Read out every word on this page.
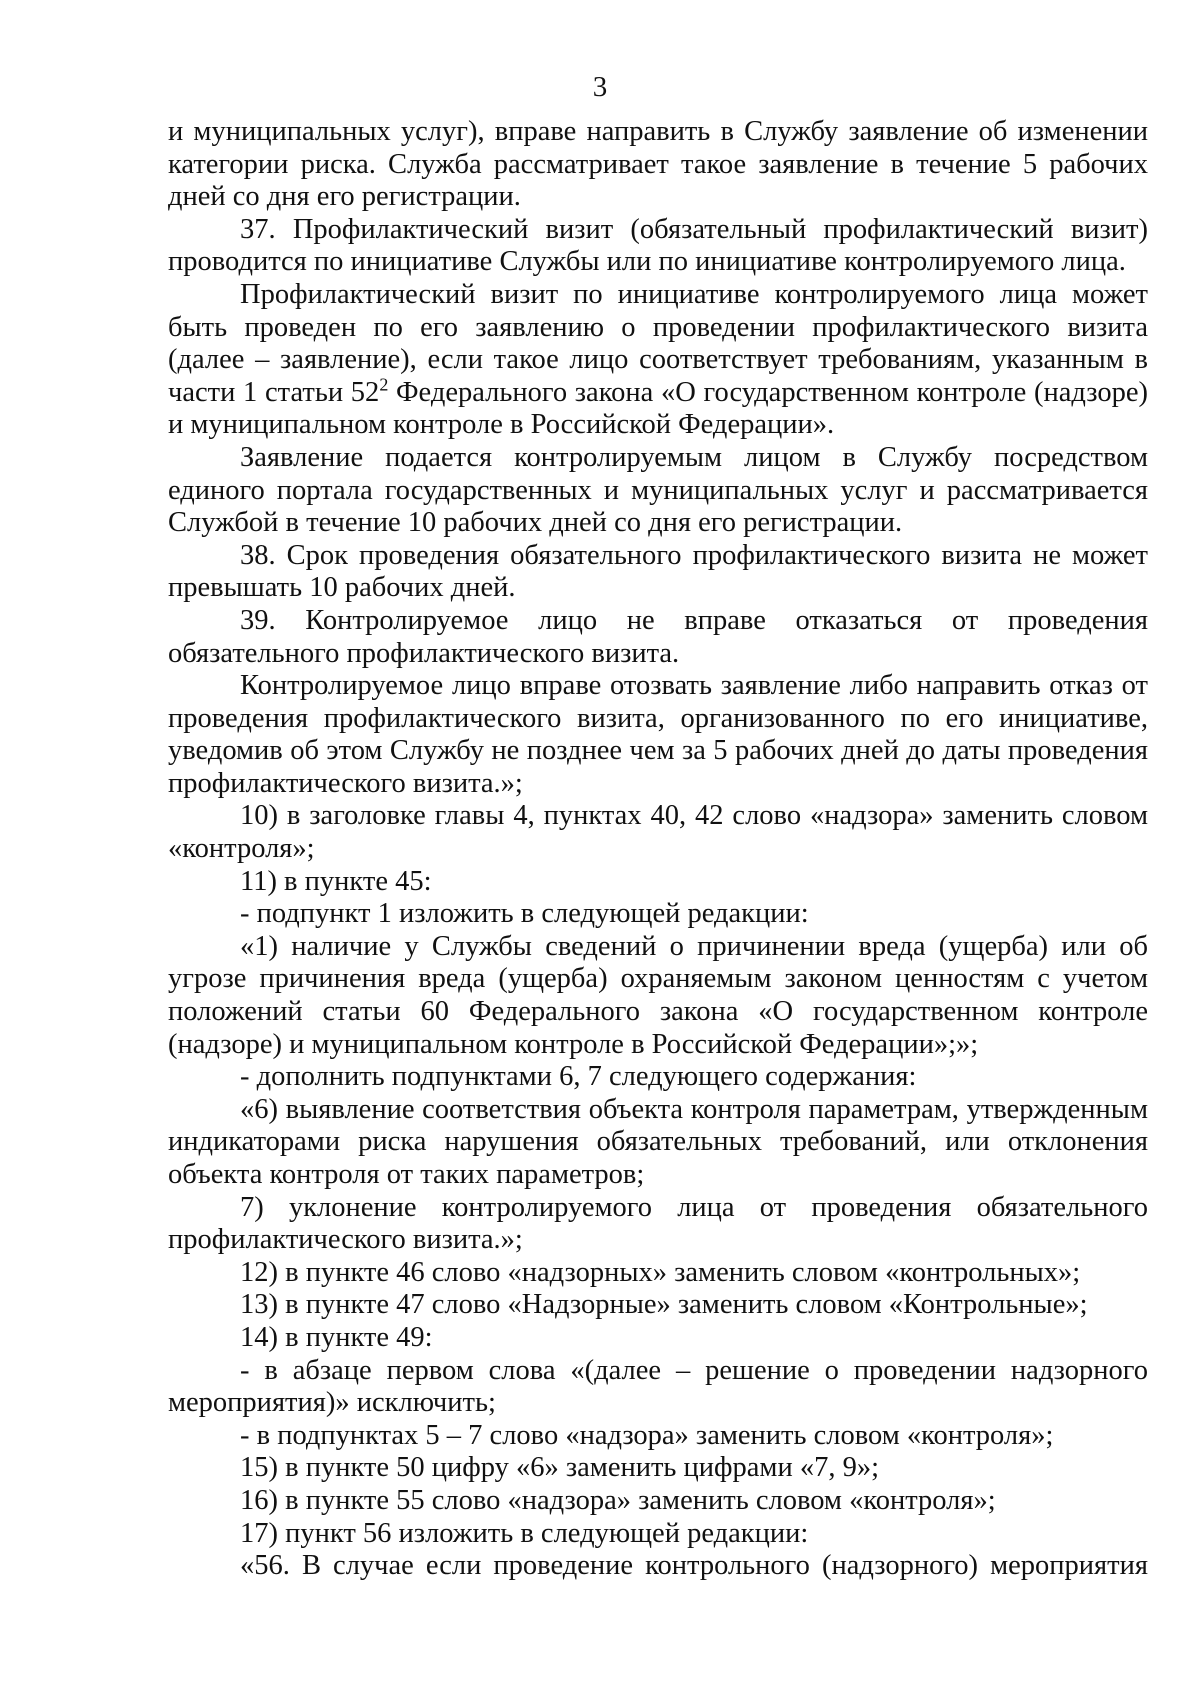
3

и муниципальных услуг), вправе направить в Службу заявление об изменении категории риска. Служба рассматривает такое заявление в течение 5 рабочих дней со дня его регистрации.

37. Профилактический визит (обязательный профилактический визит) проводится по инициативе Службы или по инициативе контролируемого лица.

Профилактический визит по инициативе контролируемого лица может быть проведен по его заявлению о проведении профилактического визита (далее – заявление), если такое лицо соответствует требованиям, указанным в части 1 статьи $52^2$ Федерального закона «О государственном контроле (надзоре) и муниципальном контроле в Российской Федерации».

Заявление подается контролируемым лицом в Службу посредством единого портала государственных и муниципальных услуг и рассматривается Службой в течение 10 рабочих дней со дня его регистрации.

38. Срок проведения обязательного профилактического визита не может превышать 10 рабочих дней.

39. Контролируемое лицо не вправе отказаться от проведения обязательного профилактического визита.

Контролируемое лицо вправе отозвать заявление либо направить отказ от проведения профилактического визита, организованного по его инициативе, уведомив об этом Службу не позднее чем за 5 рабочих дней до даты проведения профилактического визита.»;

10) в заголовке главы 4, пунктах 40, 42 слово «надзора» заменить словом «контроля»;

11) в пункте 45:

- подпункт 1 изложить в следующей редакции:

«1) наличие у Службы сведений о причинении вреда (ущерба) или об угрозе причинения вреда (ущерба) охраняемым законом ценностям с учетом положений статьи 60 Федерального закона «О государственном контроле (надзоре) и муниципальном контроле в Российской Федерации»;»;

- дополнить подпунктами 6, 7 следующего содержания:

«6) выявление соответствия объекта контроля параметрам, утвержденным индикаторами риска нарушения обязательных требований, или отклонения объекта контроля от таких параметров;

7) уклонение контролируемого лица от проведения обязательного профилактического визита.»;

12) в пункте 46 слово «надзорных» заменить словом «контрольных»;

13) в пункте 47 слово «Надзорные» заменить словом «Контрольные»;

14) в пункте 49:

- в абзаце первом слова «(далее – решение о проведении надзорного мероприятия)» исключить;

- в подпунктах 5 – 7 слово «надзора» заменить словом «контроля»;

15) в пункте 50 цифру «6» заменить цифрами «7, 9»;

16) в пункте 55 слово «надзора» заменить словом «контроля»;

17) пункт 56 изложить в следующей редакции:

«56. В случае если проведение контрольного (надзорного) мероприятия
